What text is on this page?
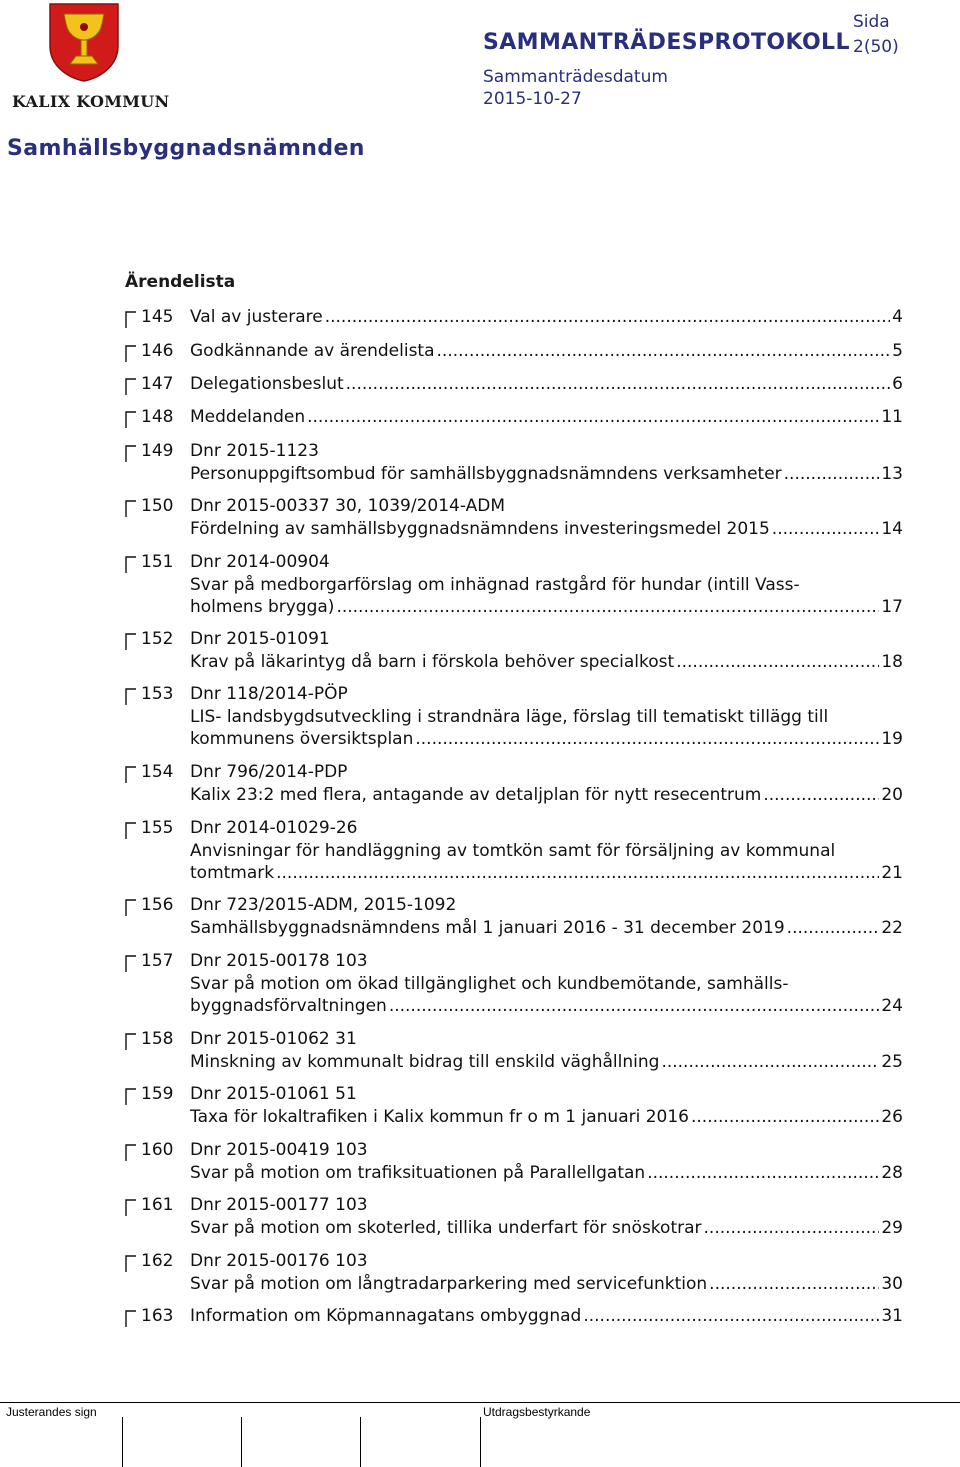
KALIX KOMMUN
SAMMANTRÄDESPROTOKOLL
Sida
2(50)
Sammanträdesdatum
2015-10-27
Samhällsbyggnadsnämnden
Ärendelista
145 Val av justerare .....	4
146 Godkännande av ärendelista .....	5
147 Delegationsbeslut .....	6
148 Meddelanden .....	11
149 Dnr 2015-1123
Personuppgiftsombud för samhällsbyggnadsnämndens verksamheter .....	13
150 Dnr 2015-00337 30, 1039/2014-ADM
Fördelning av samhällsbyggnadsnämndens investeringsmedel 2015 .....	14
151 Dnr 2014-00904
Svar på medborgarförslag om inhägnad rastgård för hundar (intill Vass-
holmens brygga) .....	17
152 Dnr 2015-01091
Krav på läkarintyg då barn i förskola behöver specialkost .....	18
153 Dnr 118/2014-PÖP
LIS- landsbygdsutveckling i strandnära läge, förslag till tematiskt tillägg till
kommunens översiktsplan .....	19
154 Dnr 796/2014-PDP
Kalix 23:2 med flera, antagande av detaljplan för nytt resecentrum .....	20
155 Dnr 2014-01029-26
Anvisningar för handläggning av tomtkön samt för försäljning av kommunal
tomtmark .....	21
156 Dnr 723/2015-ADM, 2015-1092
Samhällsbyggnadsnämndens mål 1 januari 2016 - 31 december 2019 .....	22
157 Dnr 2015-00178 103
Svar på motion om ökad tillgänglighet och kundbemötande, samhälls-
byggnadsförvaltningen .....	24
158 Dnr 2015-01062 31
Minskning av kommunalt bidrag till enskild väghållning .....	25
159 Dnr 2015-01061 51
Taxa för lokaltrafiken i Kalix kommun fr o m 1 januari 2016 .....	26
160 Dnr 2015-00419 103
Svar på motion om trafiksituationen på Parallellgatan .....	28
161 Dnr 2015-00177 103
Svar på motion om skoterled, tillika underfart för snöskotrar .....	29
162 Dnr 2015-00176 103
Svar på motion om långtradarparkering med servicefunktion .....	30
163 Information om Köpmannagatans ombyggnad .....	31
Justerandes sign	Utdragsbestyrkande
